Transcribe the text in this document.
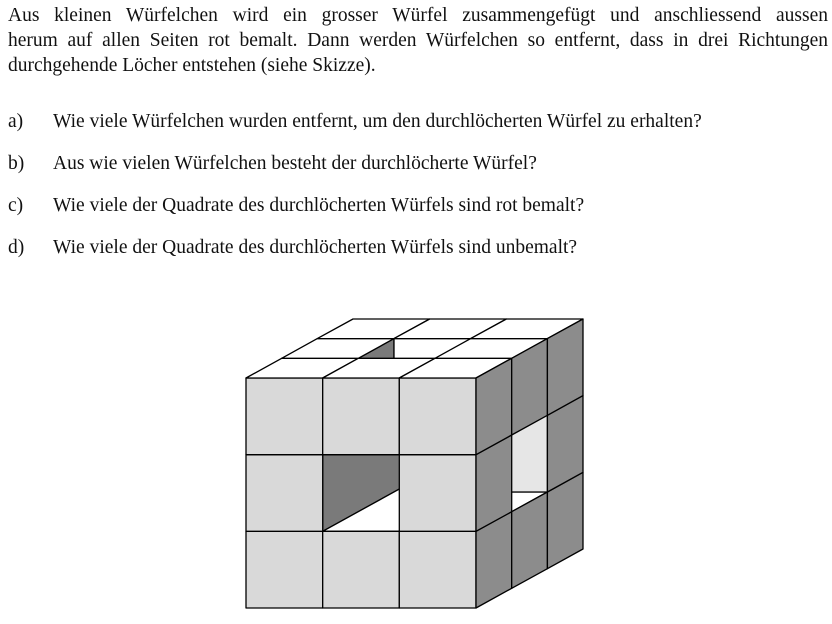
Aus kleinen Würfelchen wird ein grosser Würfel zusammengefügt und anschliessend aussen
herum auf allen Seiten rot bemalt. Dann werden Würfelchen so entfernt, dass in drei Richtungen
durchgehende Löcher entstehen (siehe Skizze).
a)	Wie viele Würfelchen wurden entfernt, um den durchlöcherten Würfel zu erhalten?
b)	Aus wie vielen Würfelchen besteht der durchlöcherte Würfel?
c)	Wie viele der Quadrate des durchlöcherten Würfels sind rot bemalt?
d)	Wie viele der Quadrate des durchlöcherten Würfels sind unbemalt?
